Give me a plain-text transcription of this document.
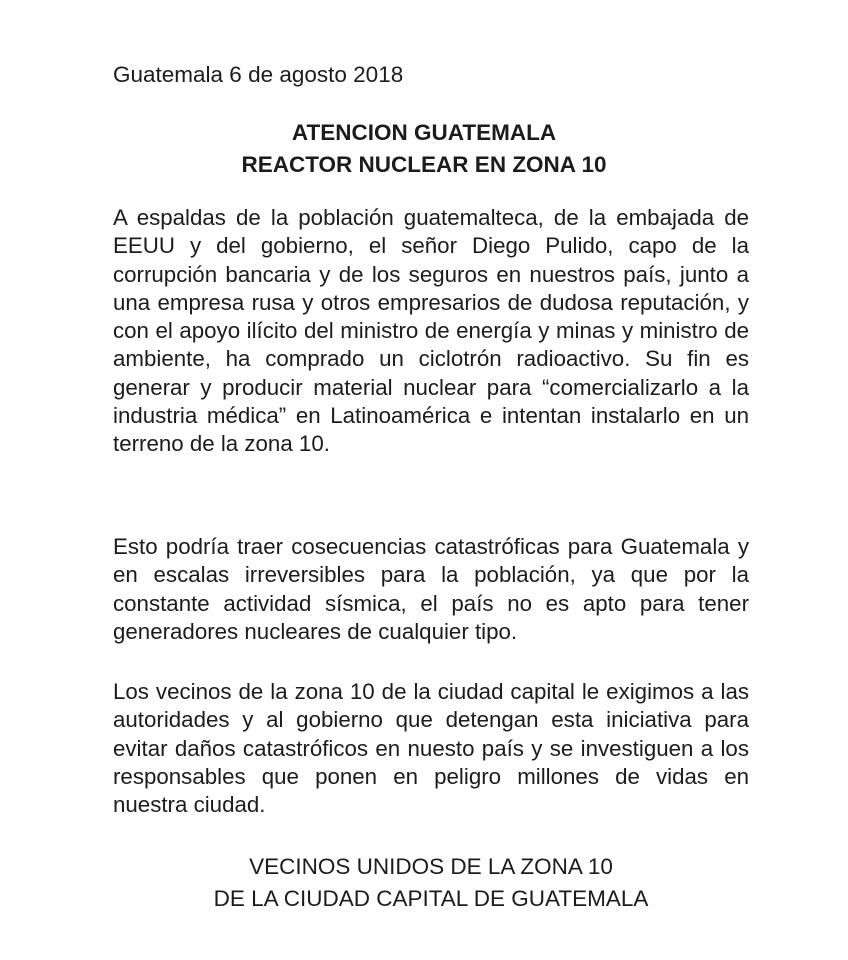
Guatemala 6 de agosto 2018

ATENCION GUATEMALA
REACTOR NUCLEAR EN ZONA 10

A espaldas de la población guatemalteca, de la embajada de EEUU y del gobierno, el señor Diego Pulido, capo de la corrupción bancaria y de los seguros en nuestros país, junto a una empresa rusa y otros empresarios de dudosa reputación, y con el apoyo ilícito del ministro de energía y minas y ministro de ambiente, ha comprado un ciclotrón radioactivo. Su fin es generar y producir material nuclear para “comercializarlo a la industria médica” en Latinoamérica e intentan instalarlo en un terreno de la zona 10.

Esto podría traer cosecuencias catastróficas para Guatemala y en escalas irreversibles para la población, ya que por la constante actividad sísmica, el país no es apto para tener generadores nucleares de cualquier tipo.

Los vecinos de la zona 10 de la ciudad capital le exigimos a las autoridades y al gobierno que detengan esta iniciativa para evitar daños catastróficos en nuesto país y se investiguen a los responsables que ponen en peligro millones de vidas en nuestra ciudad.

VECINOS UNIDOS DE LA ZONA 10
DE LA CIUDAD CAPITAL DE GUATEMALA
